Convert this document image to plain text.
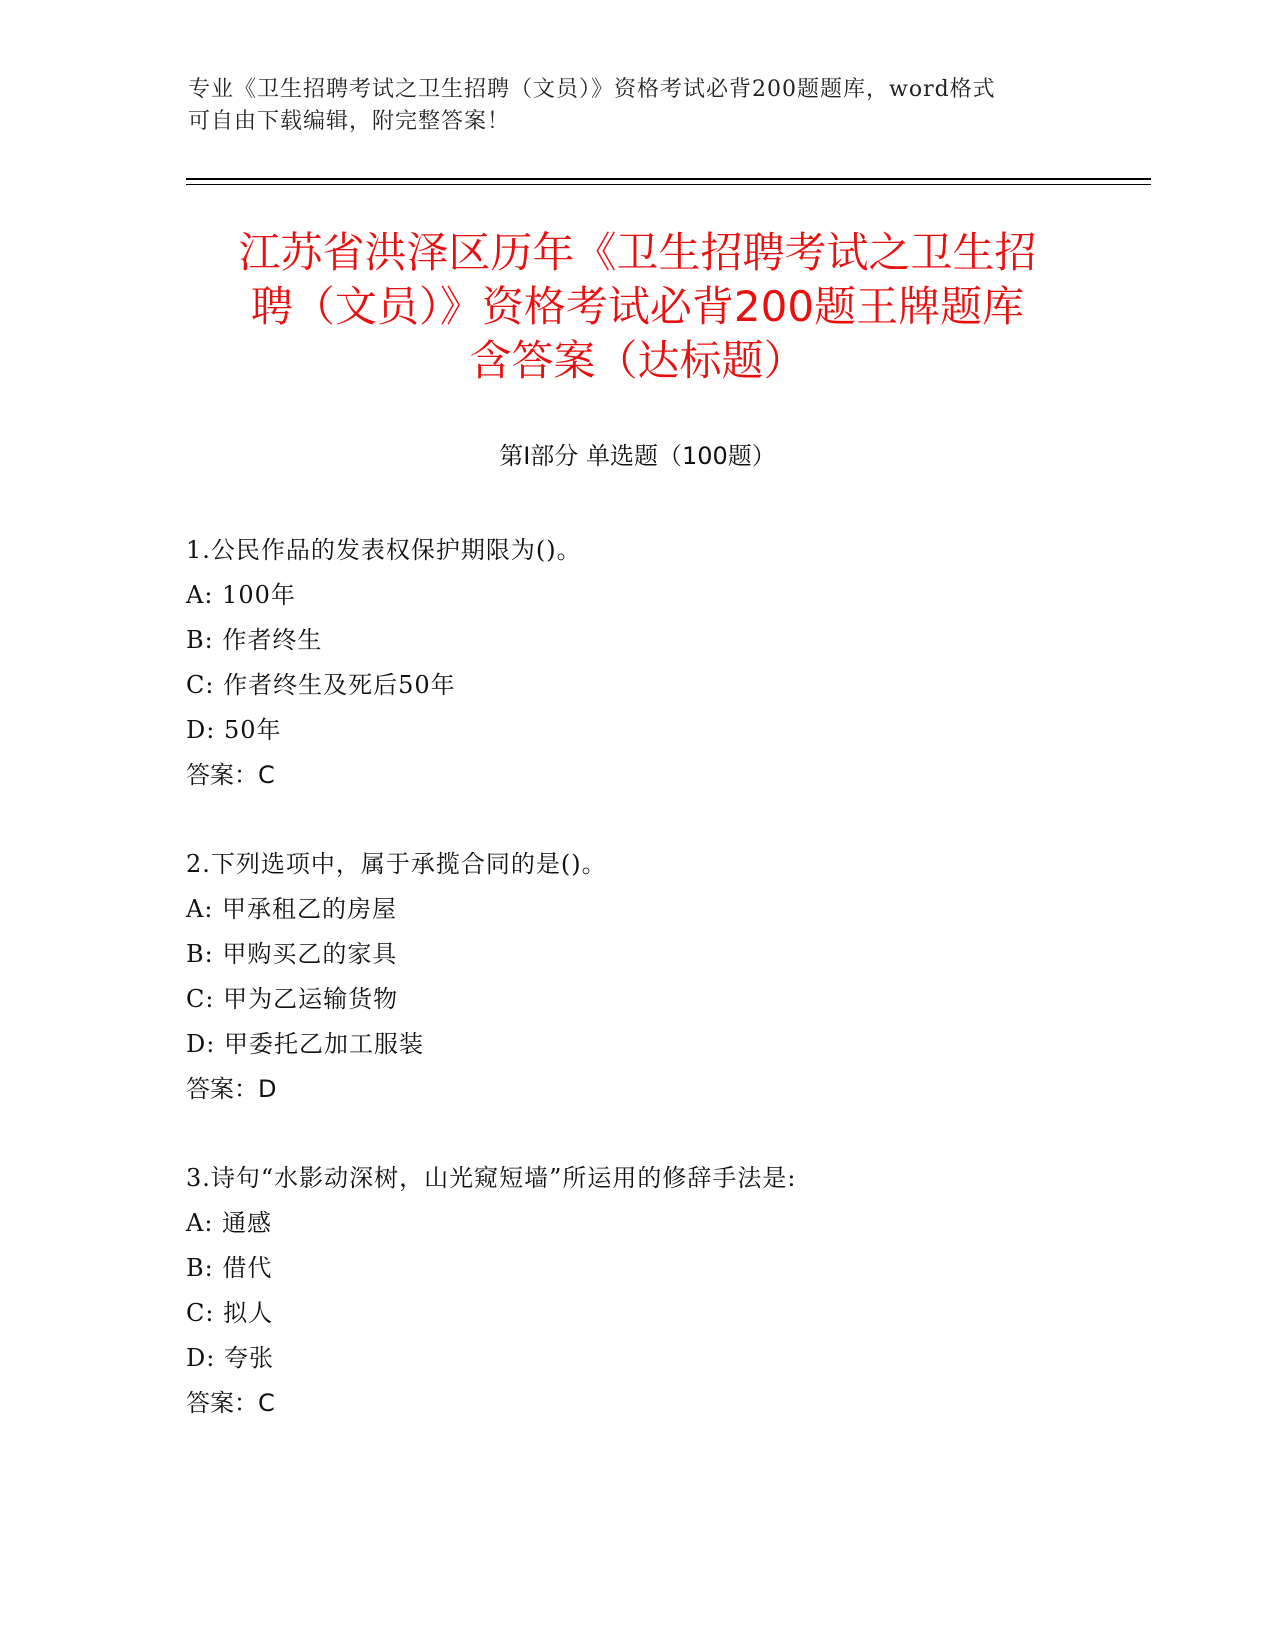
专业《卫生招聘考试之卫生招聘（文员）》资格考试必背200题题库，word格式

可自由下载编辑，附完整答案！

江苏省洪泽区历年《卫生招聘考试之卫生招
聘（文员）》资格考试必背200题王牌题库
含答案（达标题）
第Ⅰ部分 单选题（100题）

1.公民作品的发表权保护期限为()。

A: 100年

B: 作者终生

C: 作者终生及死后50年

D: 50年

答案：C

2.下列选项中，属于承揽合同的是()。

A: 甲承租乙的房屋

B: 甲购买乙的家具

C: 甲为乙运输货物

D: 甲委托乙加工服装

答案：D

3.诗句“水影动深树，山光窥短墙”所运用的修辞手法是:

A: 通感

B: 借代

C: 拟人

D: 夸张

答案：C
